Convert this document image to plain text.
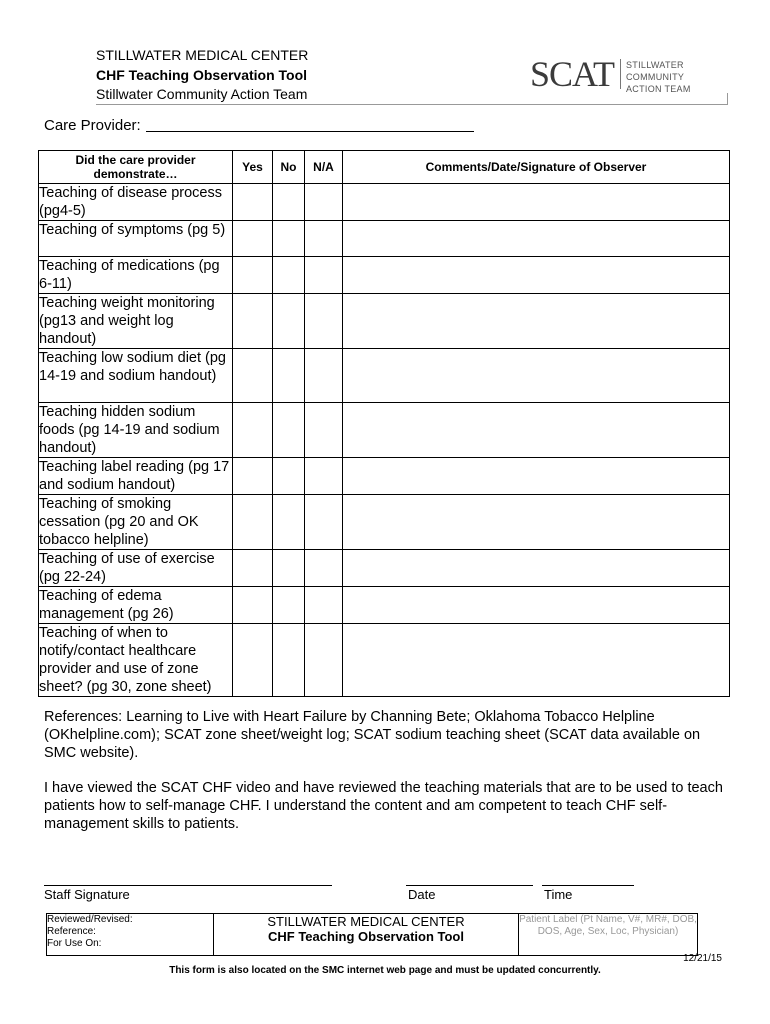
STILLWATER MEDICAL CENTER
CHF Teaching Observation Tool
Stillwater Community Action Team	SCAT STILLWATER COMMUNITY
ACTION TEAM
Care Provider:
Did the care provider demonstrate…	Yes	No	N/A	Comments/Date/Signature of Observer
Teaching of disease process (pg4-5)				
Teaching of symptoms (pg 5)				
Teaching of medications (pg 6-11)				
Teaching weight monitoring (pg13 and weight log handout)				
Teaching low sodium diet (pg 14-19 and sodium handout)				
Teaching hidden sodium foods (pg 14-19 and sodium handout)				
Teaching label reading (pg 17 and sodium handout)				
Teaching of smoking cessation (pg 20 and OK tobacco helpline)				
Teaching of use of exercise (pg 22-24)				
Teaching of edema management (pg 26)				
Teaching of when to notify/contact healthcare provider and use of zone sheet? (pg 30, zone sheet)				
References: Learning to Live with Heart Failure by Channing Bete; Oklahoma Tobacco Helpline (OKhelpline.com); SCAT zone sheet/weight log; SCAT sodium teaching sheet (SCAT data available on SMC website).
I have viewed the SCAT CHF video and have reviewed the teaching materials that are to be used to teach patients how to self-manage CHF. I understand the content and am competent to teach CHF self-management skills to patients.
Staff Signature	Date	Time
Reviewed/Revised:
Reference:
For Use On:

STILLWATER MEDICAL CENTER
CHF Teaching Observation Tool
	Patient Label (Pt Name, V#, MR#, DOB, DOS, Age, Sex, Loc, Physician)
12/21/15
This form is also located on the SMC internet web page and must be updated concurrently.
